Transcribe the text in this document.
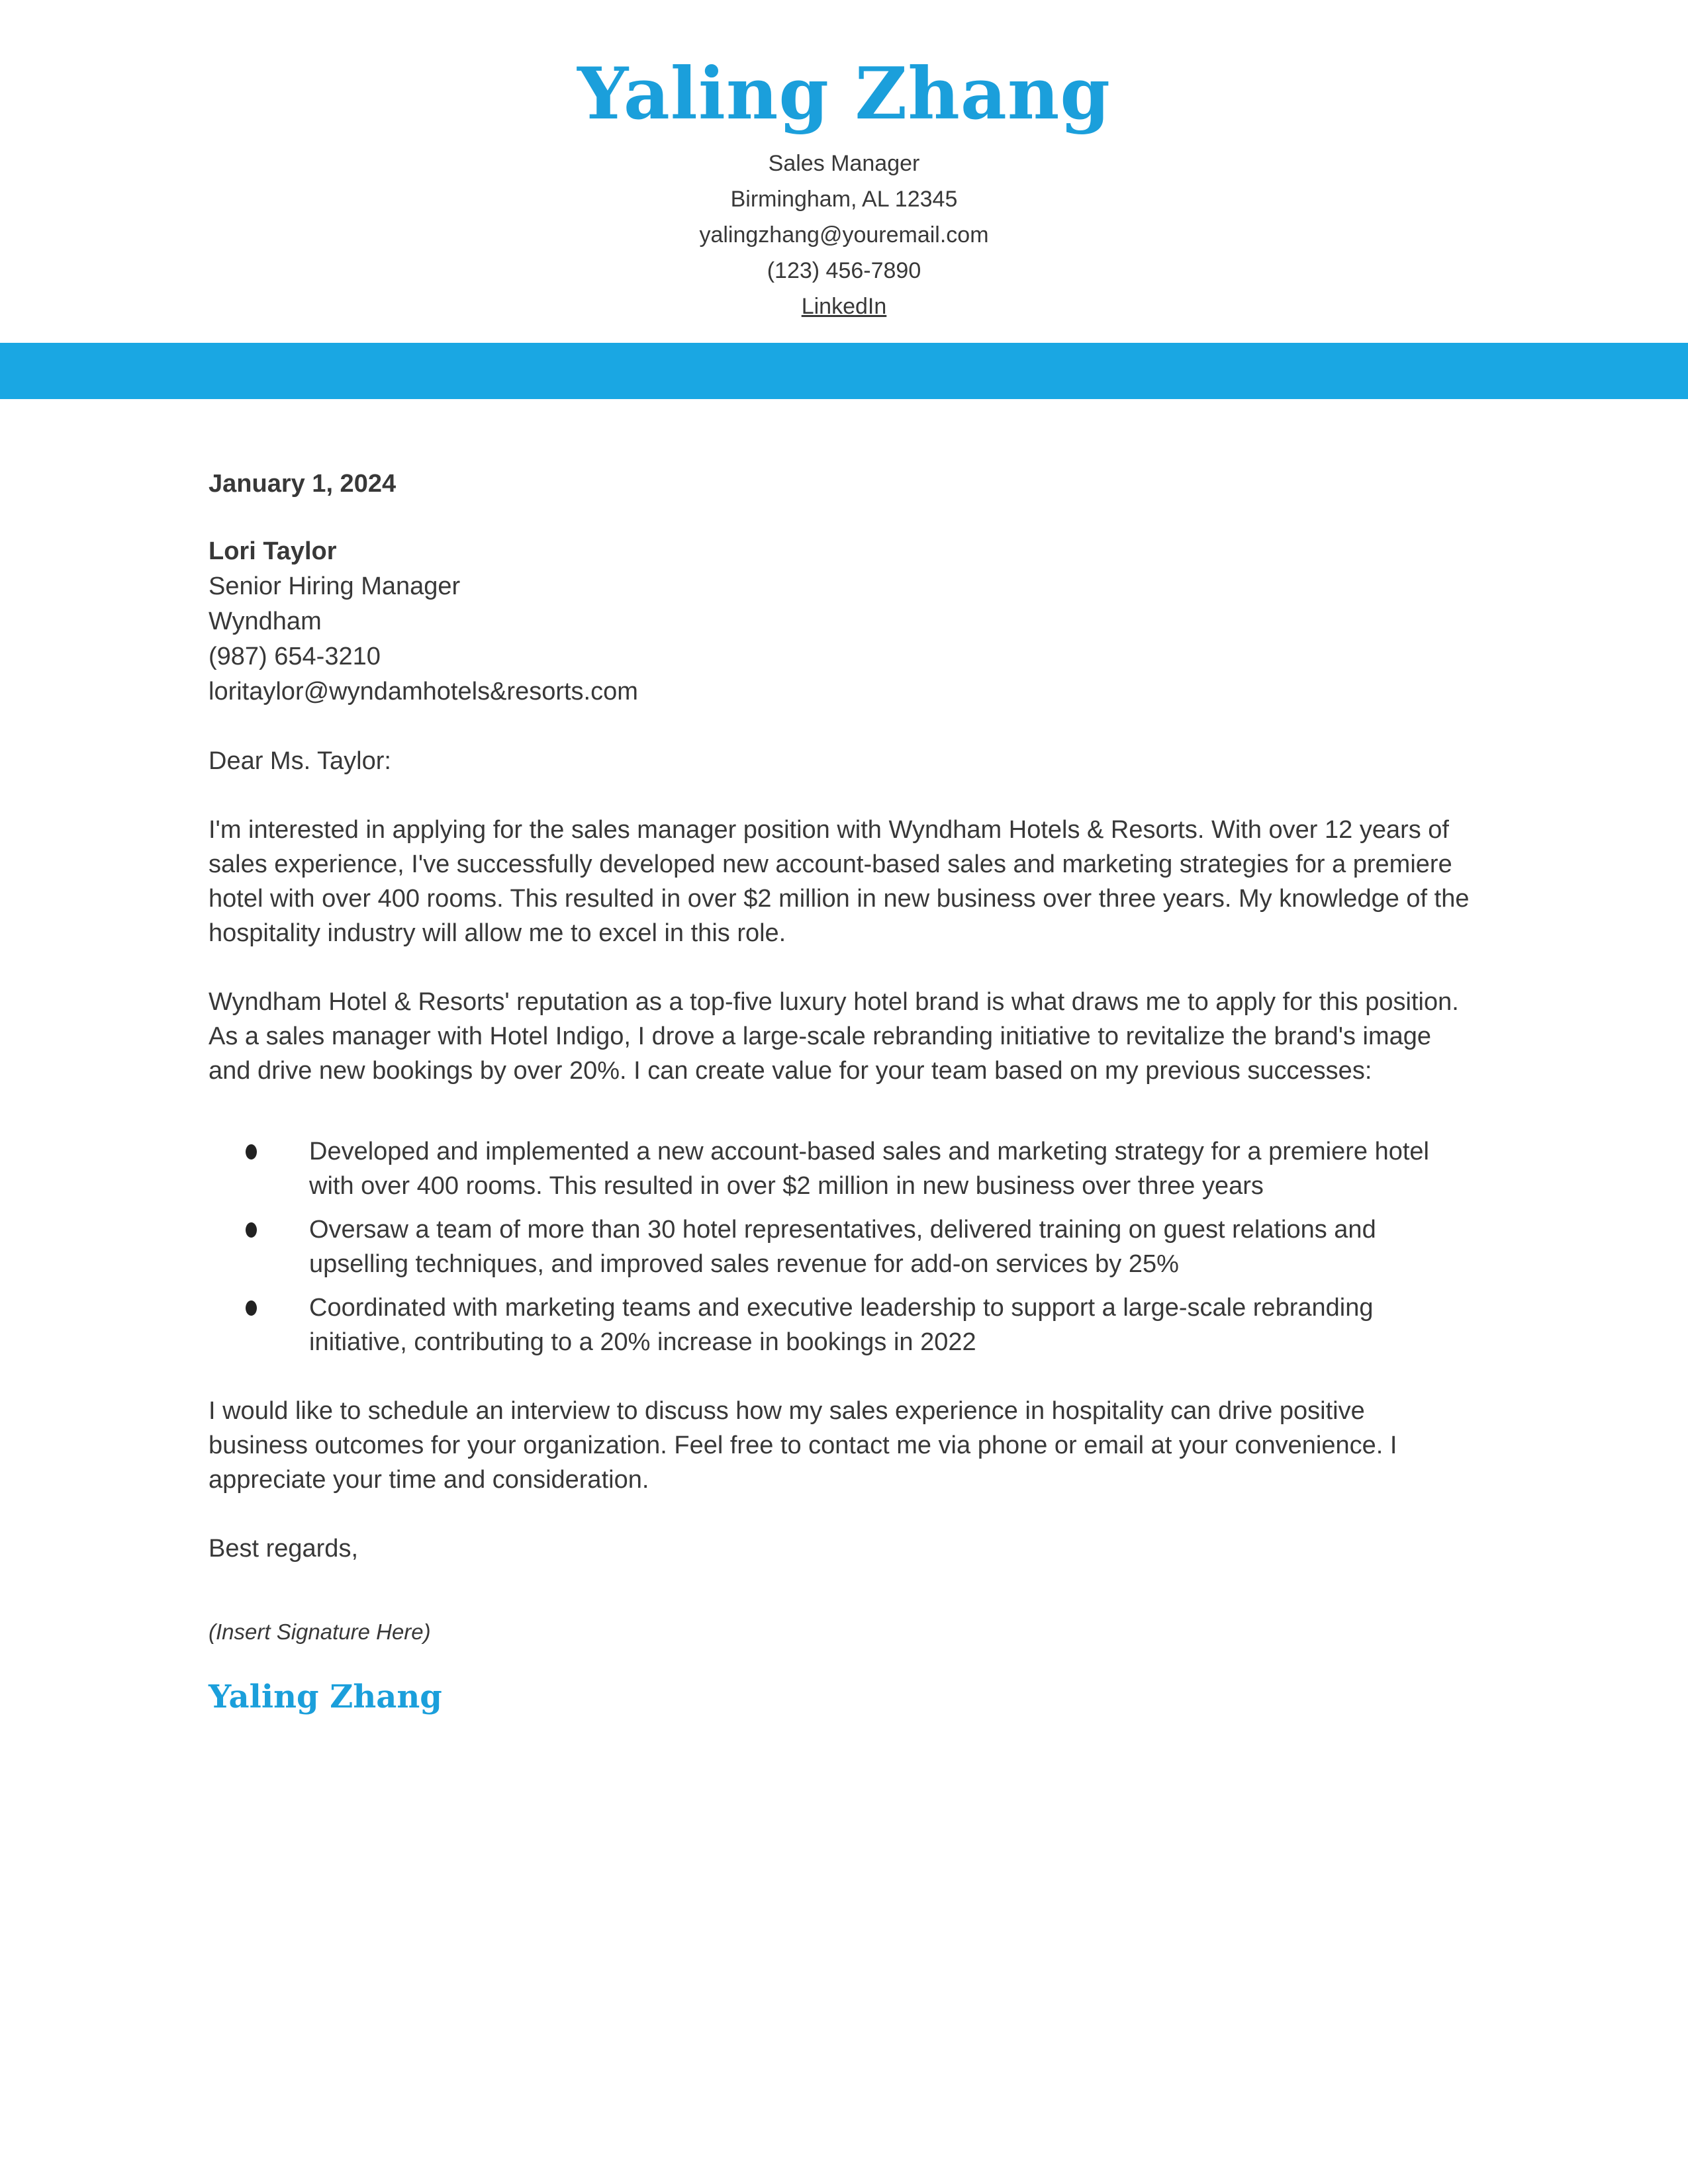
Yaling Zhang
Sales Manager
Birmingham, AL 12345
yalingzhang@youremail.com
(123) 456-7890
LinkedIn

January 1, 2024

Lori Taylor
Senior Hiring Manager
Wyndham
(987) 654-3210
loritaylor@wyndamhotels&resorts.com

Dear Ms. Taylor:

I'm interested in applying for the sales manager position with Wyndham Hotels & Resorts. With over 12 years of sales experience, I've successfully developed new account-based sales and marketing strategies for a premiere hotel with over 400 rooms. This resulted in over $2 million in new business over three years. My knowledge of the hospitality industry will allow me to excel in this role.

Wyndham Hotel & Resorts' reputation as a top-five luxury hotel brand is what draws me to apply for this position. As a sales manager with Hotel Indigo, I drove a large-scale rebranding initiative to revitalize the brand's image and drive new bookings by over 20%. I can create value for your team based on my previous successes:

Developed and implemented a new account-based sales and marketing strategy for a premiere hotel with over 400 rooms. This resulted in over $2 million in new business over three years
Oversaw a team of more than 30 hotel representatives, delivered training on guest relations and upselling techniques, and improved sales revenue for add-on services by 25%
Coordinated with marketing teams and executive leadership to support a large-scale rebranding initiative, contributing to a 20% increase in bookings in 2022

I would like to schedule an interview to discuss how my sales experience in hospitality can drive positive business outcomes for your organization. Feel free to contact me via phone or email at your convenience. I appreciate your time and consideration.

Best regards,

(Insert Signature Here)

Yaling Zhang
